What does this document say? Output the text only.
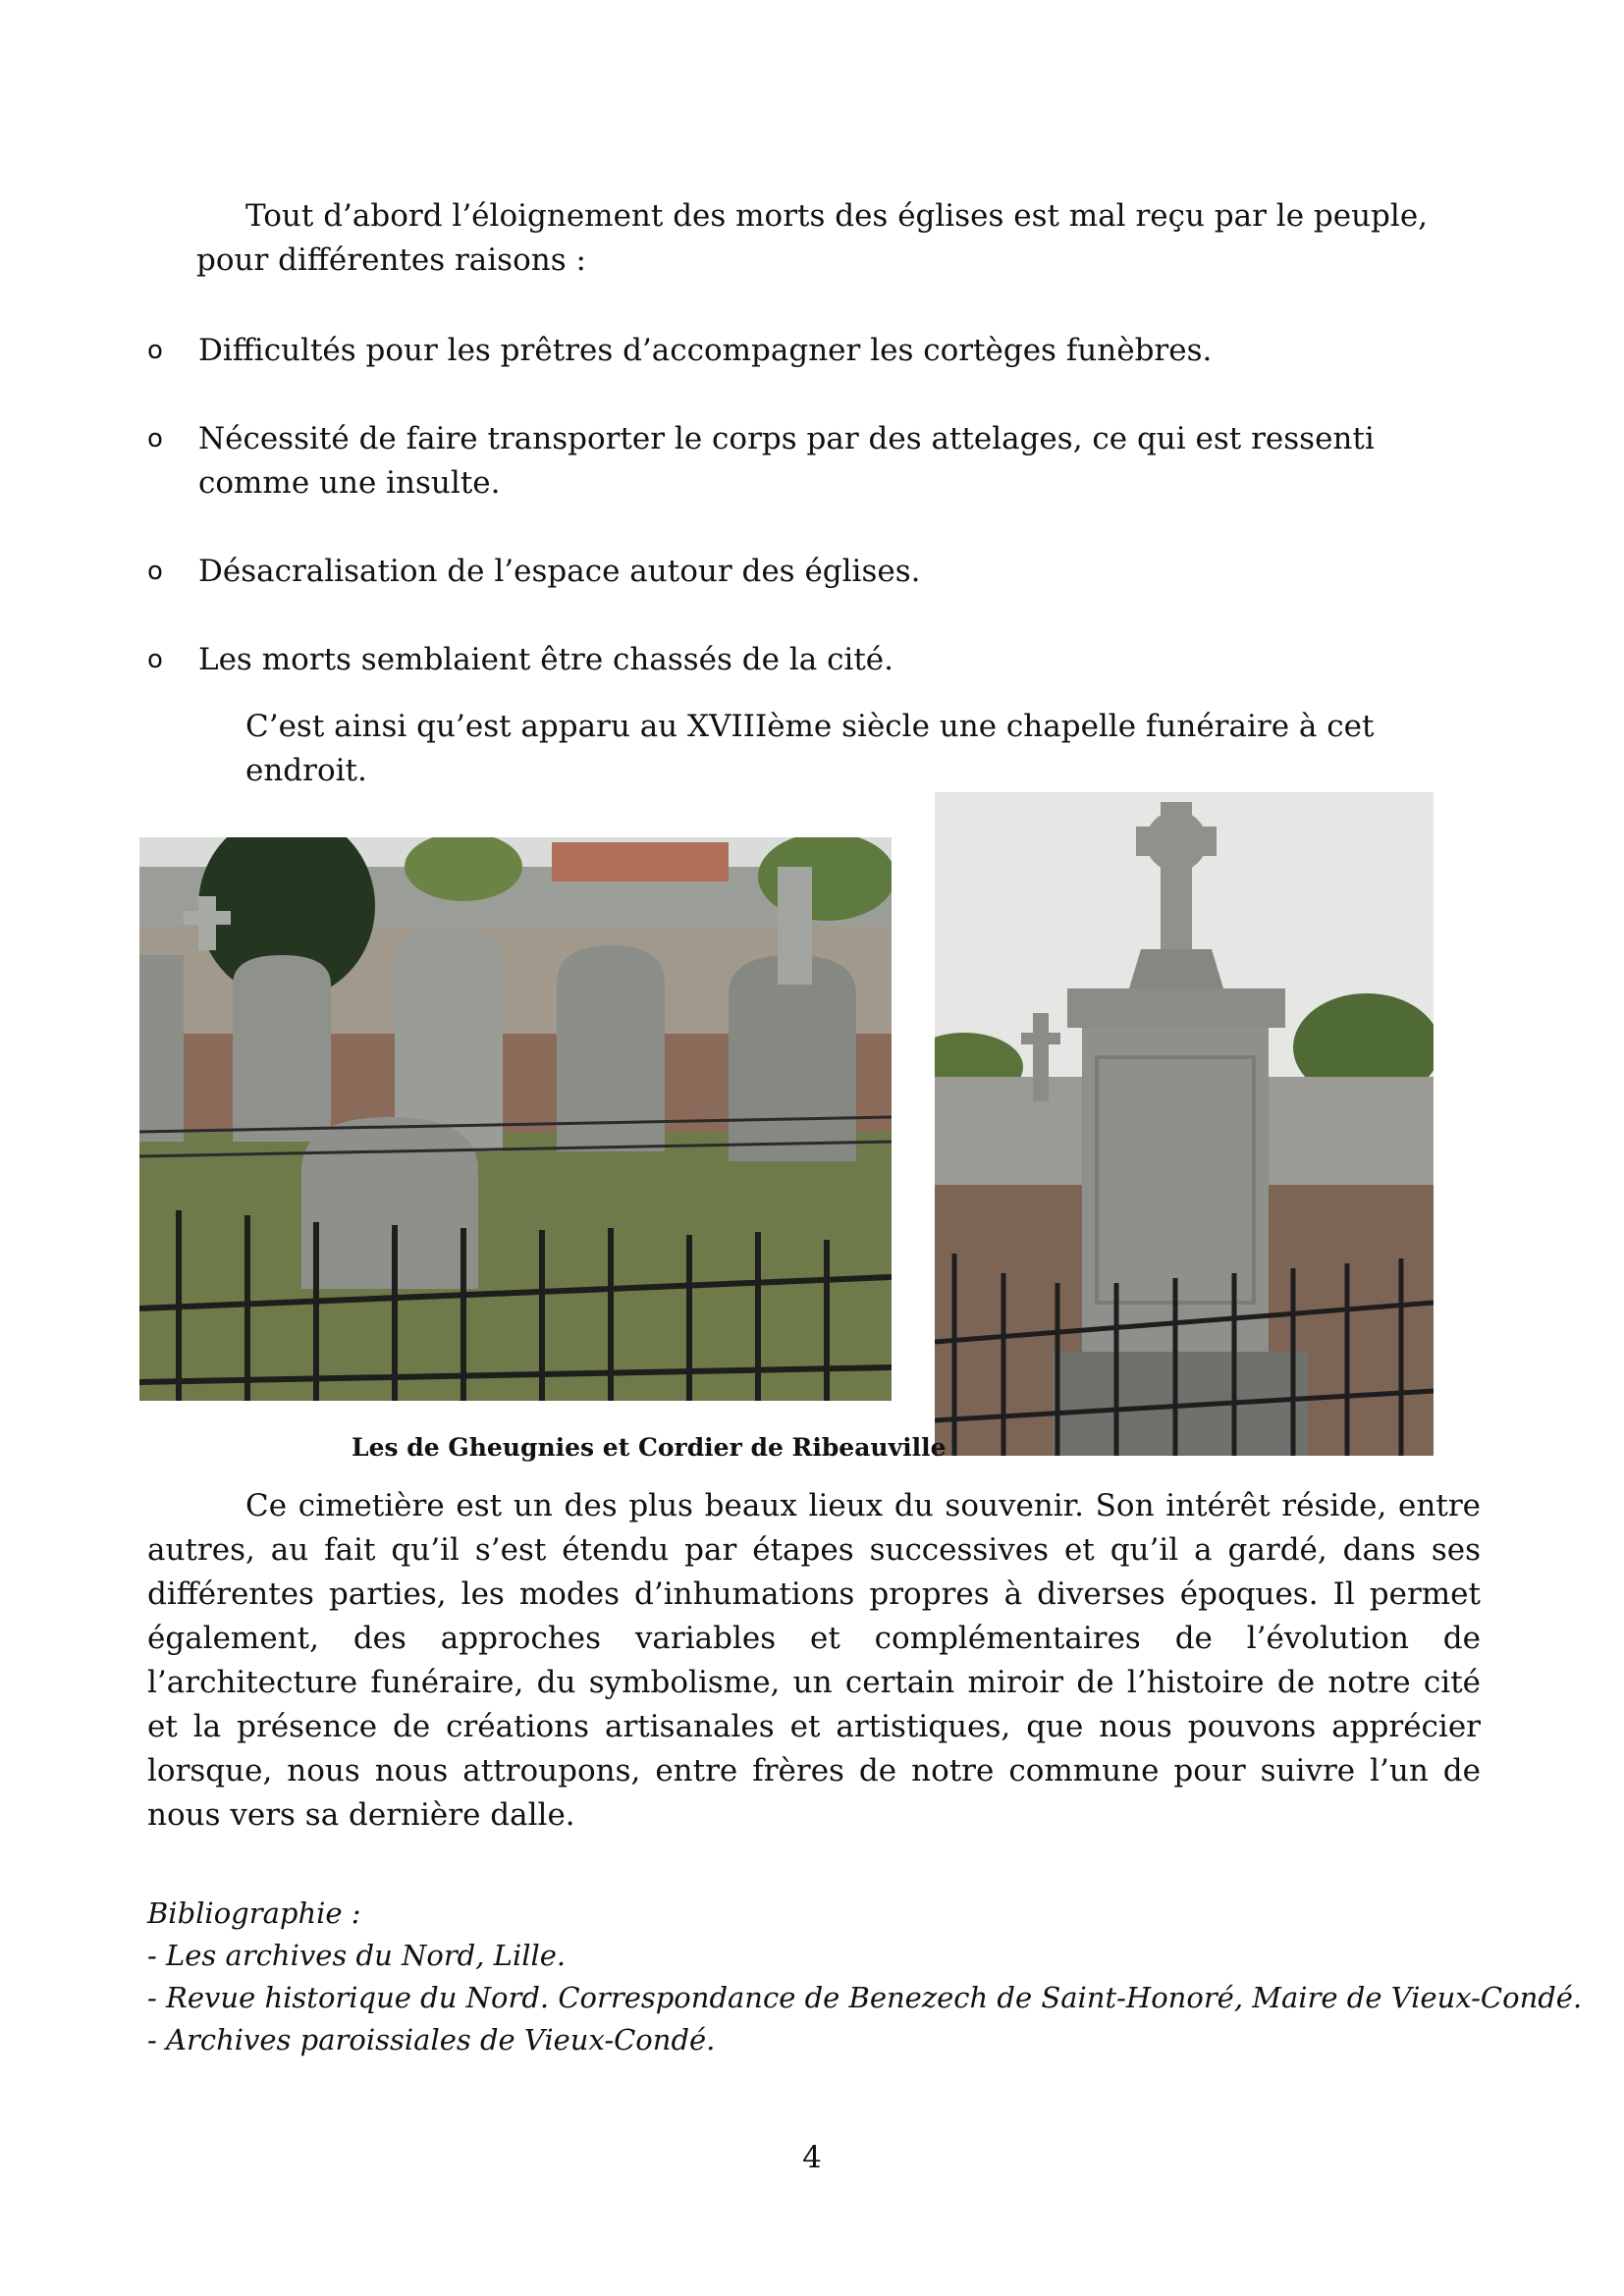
Tout d’abord l’éloignement des morts des églises est mal reçu par le peuple, pour différentes raisons :
o Difficultés pour les prêtres d’accompagner les cortèges funèbres.
o Nécessité de faire transporter le corps par des attelages, ce qui est ressenti comme une insulte.
o Désacralisation de l’espace autour des églises.
o Les morts semblaient être chassés de la cité.
C’est ainsi qu’est apparu au XVIIIème siècle une chapelle funéraire à cet endroit.
Les de Gheugnies et Cordier de Ribeauville
Ce cimetière est un des plus beaux lieux du souvenir. Son intérêt réside, entre autres, au fait qu’il s’est étendu par étapes successives et qu’il a gardé, dans ses différentes parties, les modes d’inhumations propres à diverses époques. Il permet également, des approches variables et complémentaires de l’évolution de l’architecture funéraire, du symbolisme, un certain miroir de l’histoire de notre cité et la présence de créations artisanales et artistiques, que nous pouvons apprécier lorsque, nous nous attroupons, entre frères de notre commune pour suivre l’un de nous vers sa dernière dalle.
Bibliographie :
- Les archives du Nord, Lille.
- Revue historique du Nord. Correspondance de Benezech de Saint-Honoré, Maire de Vieux-Condé.
- Archives paroissiales de Vieux-Condé.
4
